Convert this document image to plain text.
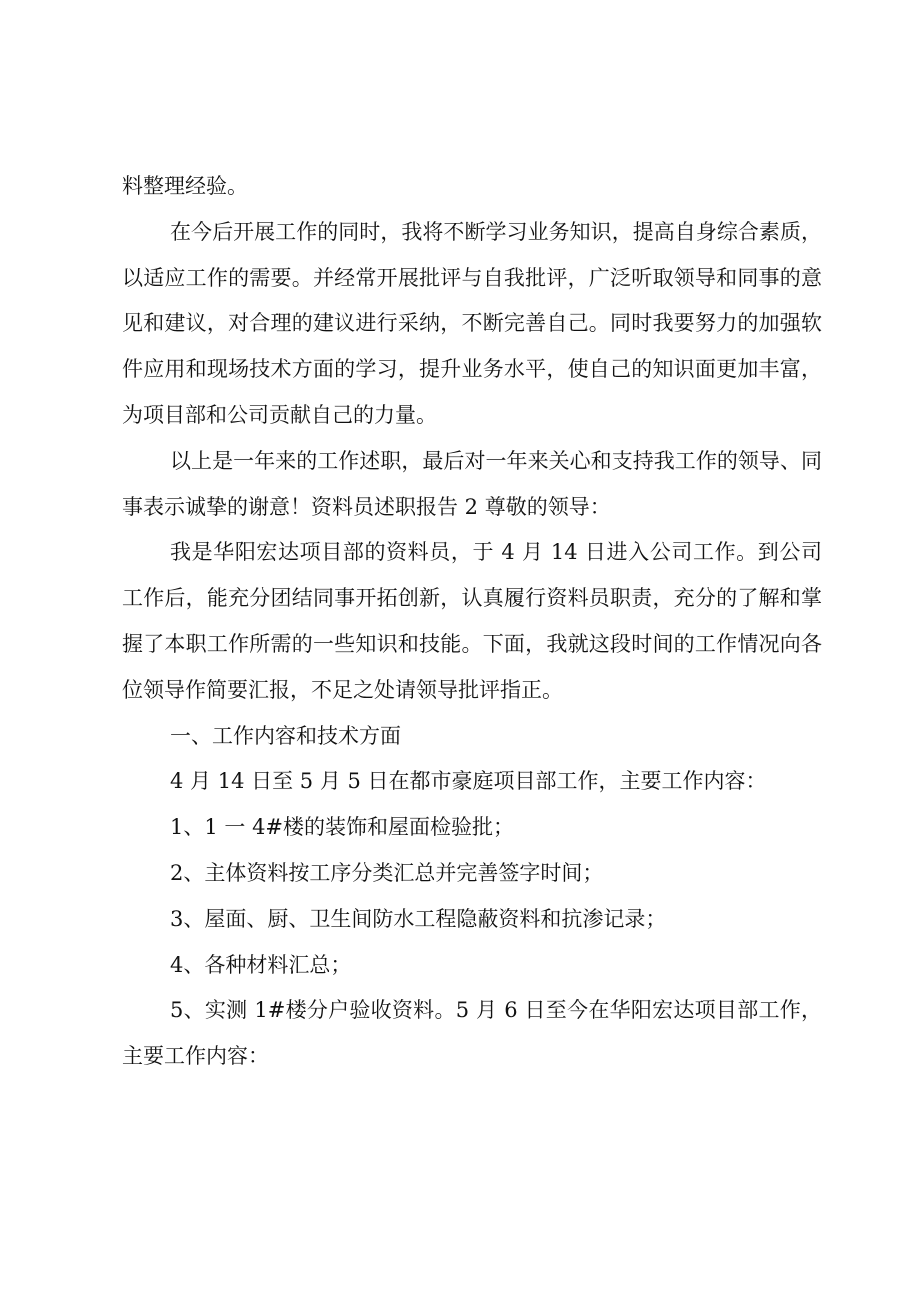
料整理经验。

在今后开展工作的同时，我将不断学习业务知识，提高自身综合素质，以适应工作的需要。并经常开展批评与自我批评，广泛听取领导和同事的意见和建议，对合理的建议进行采纳，不断完善自己。同时我要努力的加强软件应用和现场技术方面的学习，提升业务水平，使自己的知识面更加丰富，为项目部和公司贡献自己的力量。

以上是一年来的工作述职，最后对一年来关心和支持我工作的领导、同事表示诚挚的谢意！资料员述职报告 2 尊敬的领导：

我是华阳宏达项目部的资料员，于 4 月 14 日进入公司工作。到公司工作后，能充分团结同事开拓创新，认真履行资料员职责，充分的了解和掌握了本职工作所需的一些知识和技能。下面，我就这段时间的工作情况向各位领导作简要汇报，不足之处请领导批评指正。

一、工作内容和技术方面

4 月 14 日至 5 月 5 日在都市豪庭项目部工作，主要工作内容：

1、1 一 4#楼的装饰和屋面检验批；

2、主体资料按工序分类汇总并完善签字时间；

3、屋面、厨、卫生间防水工程隐蔽资料和抗渗记录；

4、各种材料汇总；

5、实测 1#楼分户验收资料。5 月 6 日至今在华阳宏达项目部工作，主要工作内容：
